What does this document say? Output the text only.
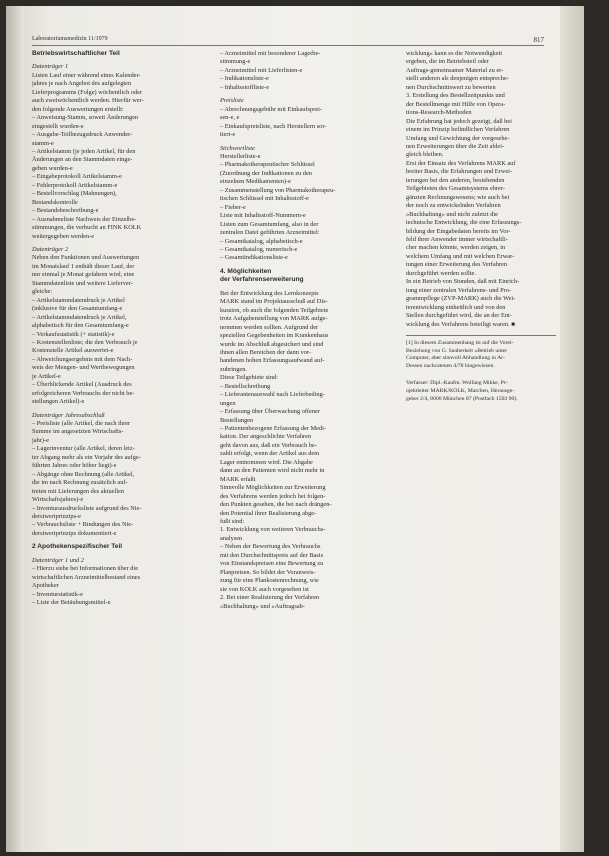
Laboratoriumsmedizin 11/1979	817
Betriebswirtschaftlicher Teil
Datenträger 1
Listen Lauf einer während eines Kalender-
jahres je nach Angebot des aufgelegten
Lieferprogramms (Folge) wöchentlich oder
auch zweiwöchentlich werden. Hierfür wer-
den folgende Auswertungen erstellt:
– Anweisung-Stamm, soweit Änderungen
eingestellt wurden-e
– Ausgabe-Teilbezugsdruck Anwender-
stamm-e
– Artikelstamm (je jeden Artikel, für den
Änderungen an den Stammdaten einge-
geben wurden-e
– Eingabeprotokoll Artikelstamm-e
– Fehlerprotokoll Artikelstamm-e
– Bestellvorschlag (Mahnungen),
Bestandskontrolle
– Bestandsbeschreibung-e
– Ausnahmeliste Nachweis der Einzelbe-
stimmungen, die verbucht an FINK KOLK
weitergegeben werden-e
Datenträger 2
Neben den Funktionen und Auswertungen
im Monatslauf 1 enthält dieser Lauf, der
nur einmal je Monat gefahren wird, eine
Stammdatenliste und weitere Lieferver-
gleiche:
– Artikelstammdatendruck je Artikel
(inklusive für den Gesamtumfang-e
– Artikelstammdatendruck je Artikel,
alphabetisch für den Gesamtumfang-e
– Verkaufsstatistik (+ statistik)-e
– Kostenstellenliste; die den Verbrauch je
Kostenstelle Artikel auswertet-e
– Abweichungsergebnis mit dem Nach-
weis der Mengen- und Wertbewegungen
je Artikel-e
– Überblickende Artikel (Ausdruck des
erfolgreicheren Verbrauchs der nicht be-
stellungen Artikel)-e
Datenträger Jahresabschluß
– Preisliste (alle Artikel, die nach ihrer
Summe im angesetzten Wirtschafts-
jahr)-e
– Lagerinventur (alle Artikel, deren letz-
ter Abgang mehr als ein Vorjahr des aufge-
führten Jahres oder höher liegt)-e
– Abgänge ohne Rechnung (alle Artikel,
die im nach Rechnung zusätzlich auf-
treten mit Lieferungen des aktuellen
Wirtschaftsjahres)-e
– Inventurausdrucksliste aufgrund des Nie-
derstwertprinzips-e
– Verbrauchsliste + Bindungen des Nie-
derstwertprinzips dokumentiert-e
2 Apothekenspezifischer Teil
Datenträger 1 und 2
– Hierzu siehe bei Informationen über die
wirtschaftlichen Arzneimittelbestand eines
Apotheker
– Inventurstatistik-e
– Liste der Betäubungsmittel-e
– Arzneimittel mit besonderer Lagerbe-
stimmung-e
– Arzneimittel mit Lieferlisten-e
– Indikationsliste-e
– Inhaltsstoffliste-e
Preisliste
– Abrechnungsgebühr mit Einkaufsprei-
sen-e, e
– Einkaufspreisliste, nach Herstellern sor-
tiert-e
Stichwortliste
Herstellerliste-e
– Pharmakotherapeutischer Schlüssel
(Zuordnung der Indikationen zu den
einzelnen Medikamenten)-e
– Zusammenstellung von Pharmakotherapeu-
tischen Schlüssel mit Inhaltsstoff-e
– Fieber-e
Liste mit Inhaltsstoff-Nummern-e
Listen zum Gesamtumfang, also in der
zentralen Datei geführten Arzneimittel:
– Gesamtkatalog, alphabetisch-e
– Gesamtkatalog, numerisch-e
– Gesamtindikationsliste-e
4. Möglichkeiten
der Verfahrenserweiterung
Bei der Entwicklung des Lernkonzepts
MARK stand im Projektausschuß auf Dis-
kussion, ob auch die folgenden Teilgebiete
trotz Aufgabenstellung von MARK aufge-
nommen werden sollten. Aufgrund der
speziellen Gegebenheiten im Krankenhaus
wurde im Abschluß abgesichert und sind
ihnen allen Bereichen der dann vor-
handenen hohen Erfassungsaufwand auf-
zubringen.
Diese Teilgebiete sind:
– Bestellschreibung
– Lieferantenauswahl nach Lieferbeding-
ungen
– Erfassung über Überwachung offener
Bestellungen
– Patientenbezogene Erfassung der Medi-
kation. Der angeschlichte Verfahren
geht davon aus, daß ein Verbrauch be-
zahlt erfolgt, wenn der Artikel aus dem
Lager entnommen wird. Die Abgabe
dann an den Patienten wird nicht mehr in
MARK erfaßt
Sinnvolle Möglichkeiten zur Erweiterung
des Verfahrens werden jedoch bei folgen-
den Punkten gesehen, die bei nach drängen-
den Potential ihrer Realisierung abge-
fußt sind:
1. Entwicklung von weiteren Verbrauchs-
analysen
– Neben der Bewertung des Verbrauchs
mit den Durchschnittspreis auf der Basis
von Einstandspreisen eine Bewertung zu
Planpreisen. So bildet der Voranweis-
zung für eine Plankostenrechnung, wie
sie von KOLK auch vorgesehen ist
2. Bei einer Realisierung der Verfahren
»Buchhaltung« und »Auftragsab-
wicklung« kann es die Notwendigkeit
ergeben, die im Betriebsteil oder
Auftrags-gemeinsamer Material zu er-
stellt anderen als denjenigen entspreche-
nen Durchschnittswert zu bewerten
3. Erstellung des Bestellzeitpunkts und
der Bestellmenge mit Hilfe von Opera-
tions-Research-Methoden
Die Erfahrung hat jedoch gezeigt, daß bei
einem im Prinzip befindlichen Verfahren
Umfang und Gewichtung der vorgesehe-
nen Erweiterungen über die Zeit ablei-
gleich bleiben.
Erst der Einsatz des Verfahrens MARK auf
breiter Basis, die Erfahrungen und Erwei-
terungen bei den anderen, bestehenden
Teilgebieten des Gesamtsystems ehrer-
gänzten Rechnungswesens; wie auch bei
der noch zu entwickelnden Verfahren
»Buchhaltung« und nicht zuletzt die
technische Entwicklung, die eine Erfassungs-
bildung der Eingabedaten bereits im Vor-
feld ihrer Anwender immer wirtschaftli-
cher machen könnte, werden zeigen, in
welchem Umfang und mit welchen Erwar-
tungen einer Erweiterung des Verfahren
durchgeführt werden sollte.
In ein Betrieb von Stunden, daß mit Einrich-
tung einer zentralen Verfahrens- und Pro-
grammpflege (ZVP-MARK) auch die Wei-
terentwicklung einheitlich und von den
Stellen durchgeführt wird, die an der Ent-
wicklung des Verfahrens beteiligt waren. ■
[1] In diesem Zusammenhang ist auf die Vorei-
Beziehung von G. Sauberkeit »Betrieb unter
Computer, aber sinnvoll Abhandlung in Ar-
Dessen nachcatenen 4/78 hingewiesen.
Verfasser: Dipl.-Kaufm. Wolfang Mikke, Pr-
ojektleiter MARK/KOLK, Marchen, Herausge-
geber 2/4, 8000 München 87 (Postfach 1503 90).
